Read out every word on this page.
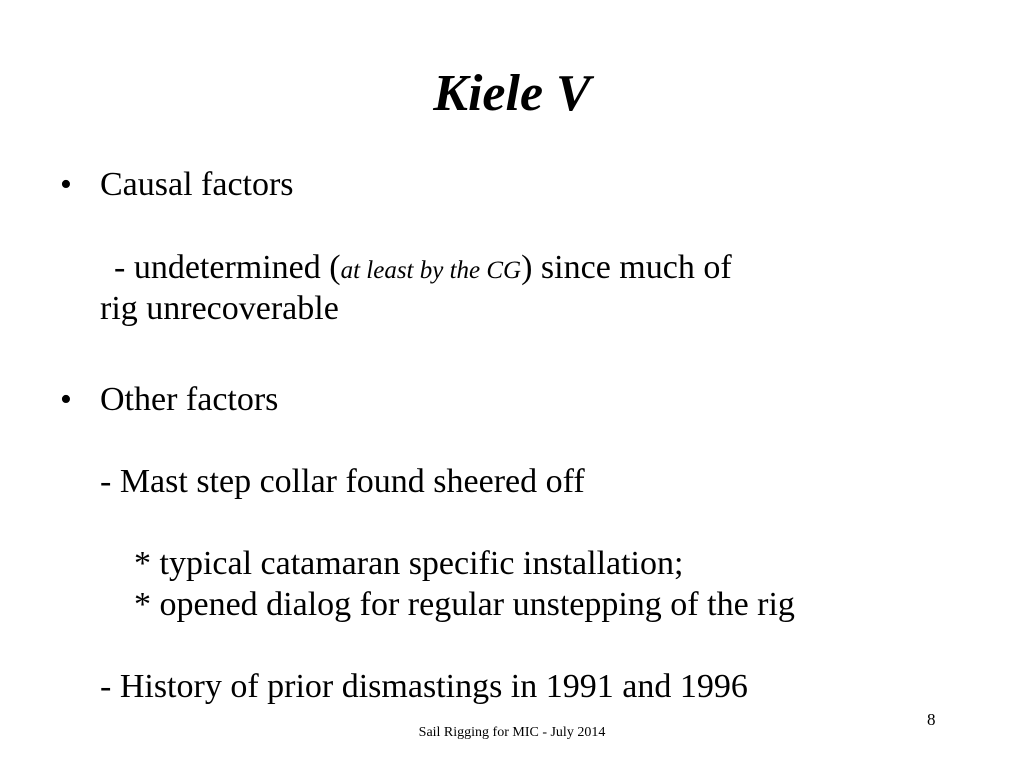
Kiele V
• Causal factors
- undetermined (at least by the CG) since much of
rig unrecoverable
• Other factors
- Mast step collar found sheered off
* typical catamaran specific installation;
* opened dialog for regular unstepping of the rig
- History of prior dismastings in 1991 and 1996
Sail Rigging for MIC - July 2014
8
